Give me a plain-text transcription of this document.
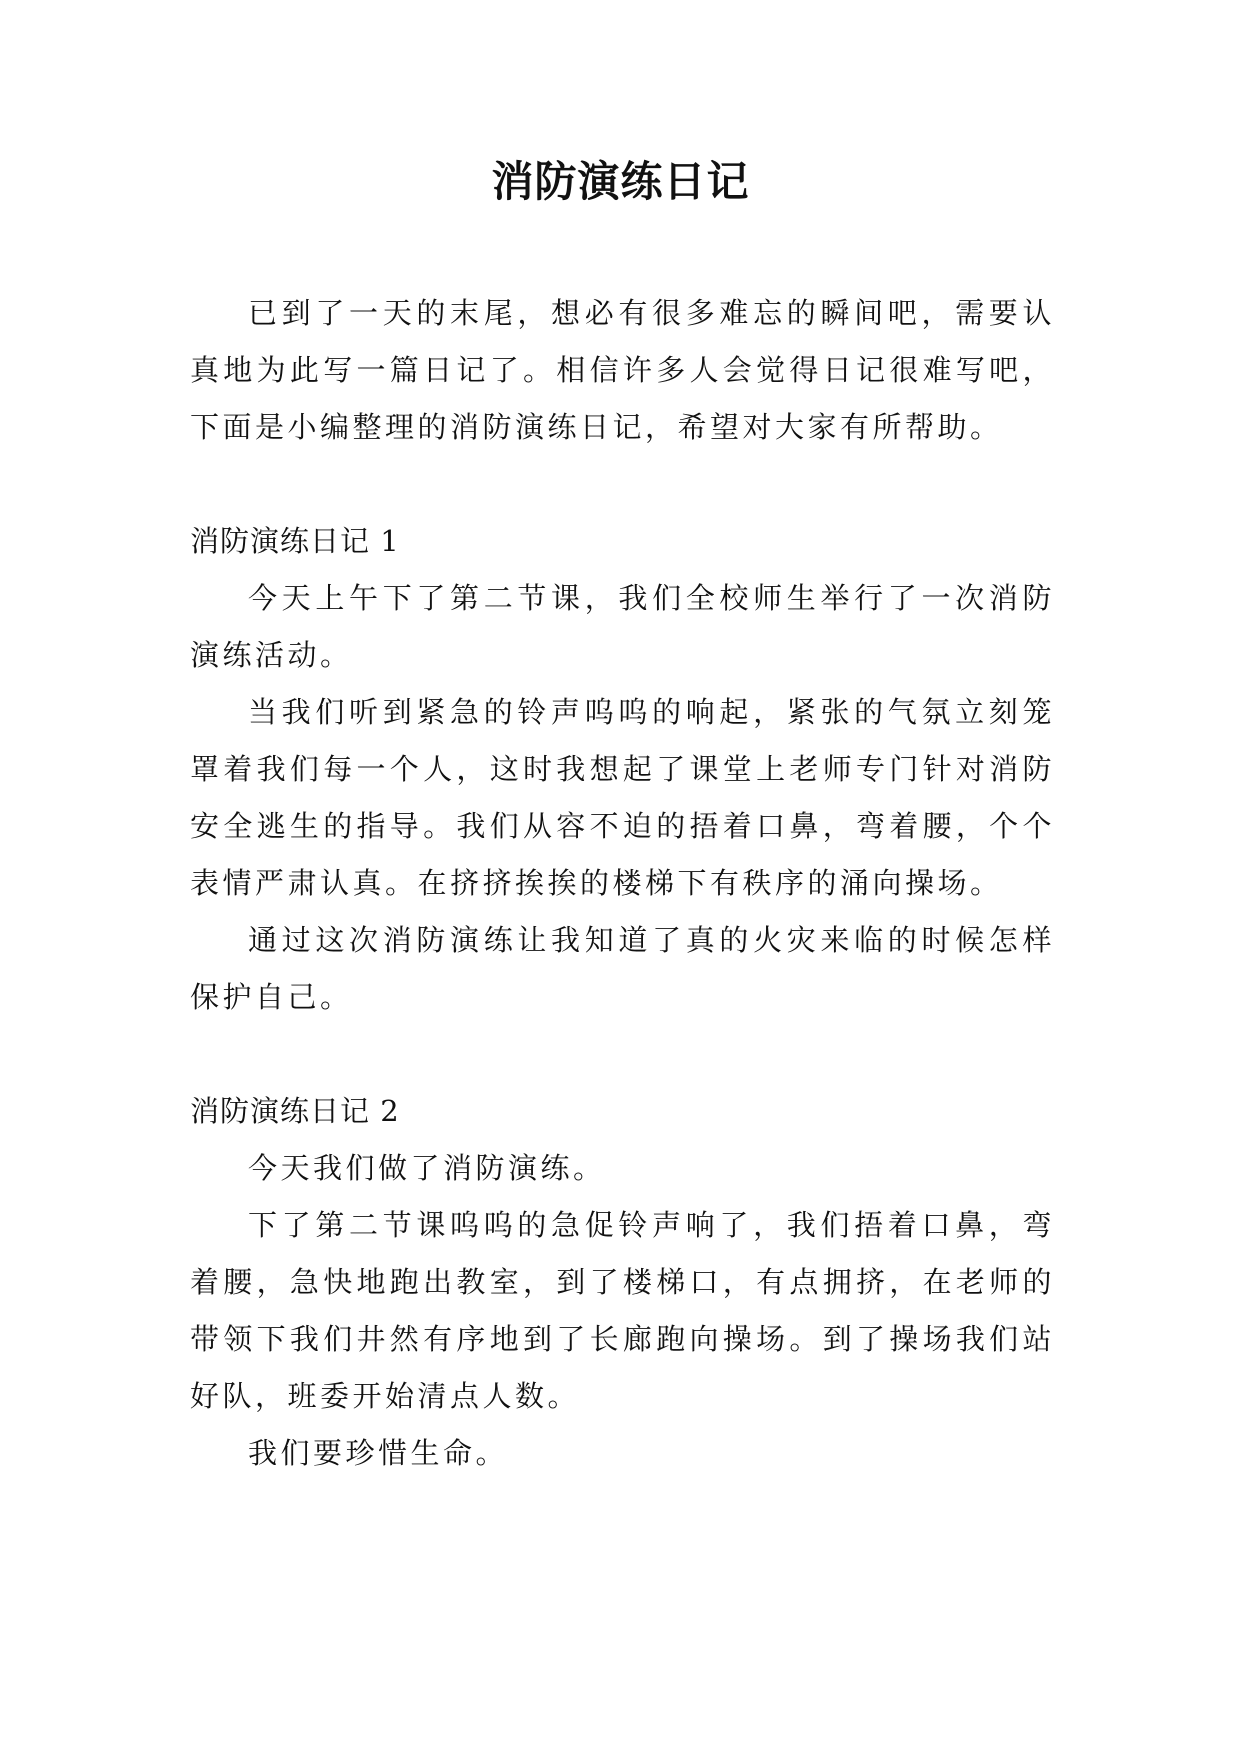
消防演练日记

已到了一天的末尾，想必有很多难忘的瞬间吧，需要认真地为此写一篇日记了。相信许多人会觉得日记很难写吧，下面是小编整理的消防演练日记，希望对大家有所帮助。

消防演练日记 1

今天上午下了第二节课，我们全校师生举行了一次消防演练活动。

当我们听到紧急的铃声呜呜的响起，紧张的气氛立刻笼罩着我们每一个人，这时我想起了课堂上老师专门针对消防安全逃生的指导。我们从容不迫的捂着口鼻，弯着腰，个个表情严肃认真。在挤挤挨挨的楼梯下有秩序的涌向操场。

通过这次消防演练让我知道了真的火灾来临的时候怎样保护自己。

消防演练日记 2

今天我们做了消防演练。

下了第二节课呜呜的急促铃声响了，我们捂着口鼻，弯着腰，急快地跑出教室，到了楼梯口，有点拥挤，在老师的带领下我们井然有序地到了长廊跑向操场。到了操场我们站好队，班委开始清点人数。

我们要珍惜生命。
